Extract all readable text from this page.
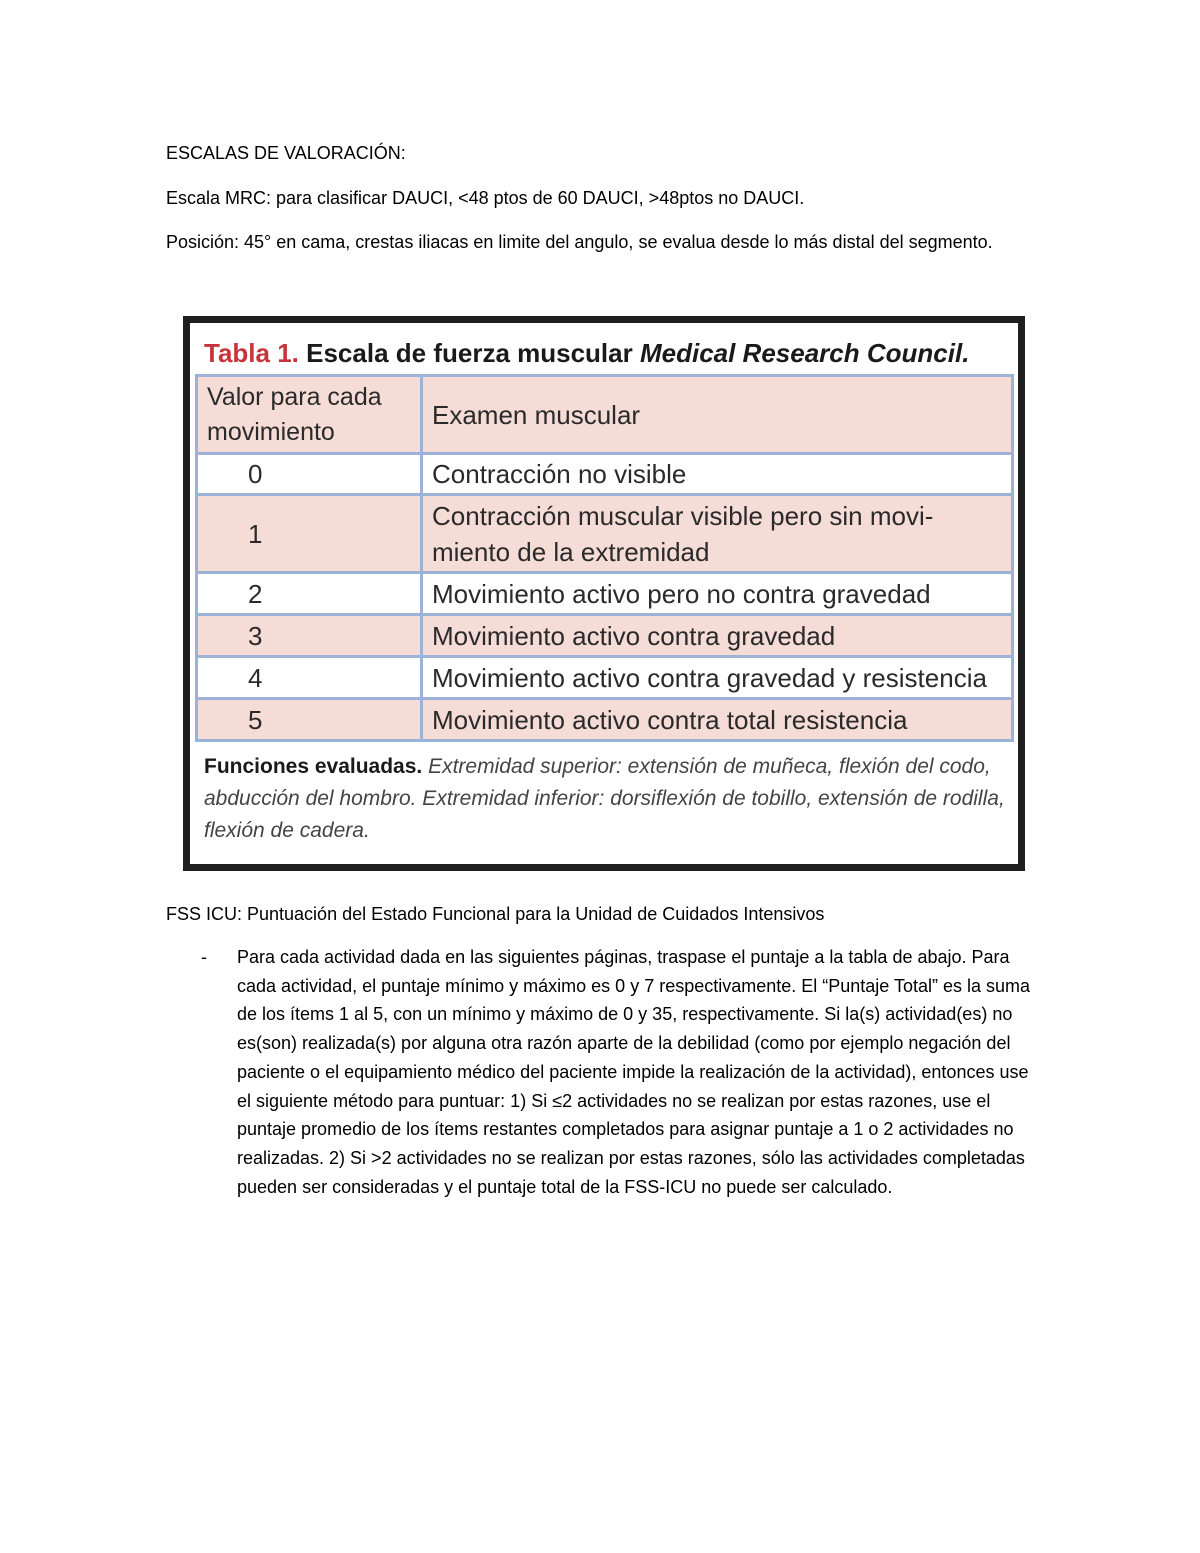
ESCALAS DE VALORACIÓN:

Escala MRC: para clasificar DAUCI, <48 ptos de 60 DAUCI, >48ptos no DAUCI.

Posición: 45° en cama, crestas iliacas en limite del angulo, se evalua desde lo más distal del segmento.

Tabla 1. Escala de fuerza muscular Medical Research Council.
Valor para cada movimiento	Examen muscular
0	Contracción no visible
1	Contracción muscular visible pero sin movi-miento de la extremidad
2	Movimiento activo pero no contra gravedad
3	Movimiento activo contra gravedad
4	Movimiento activo contra gravedad y resistencia
5	Movimiento activo contra total resistencia

Funciones evaluadas. Extremidad superior: extensión de muñeca, flexión del codo, abducción del hombro. Extremidad inferior: dorsiflexión de tobillo, extensión de rodilla, flexión de cadera.

FSS ICU: Puntuación del Estado Funcional para la Unidad de Cuidados Intensivos

- Para cada actividad dada en las siguientes páginas, traspase el puntaje a la tabla de abajo. Para cada actividad, el puntaje mínimo y máximo es 0 y 7 respectivamente. El “Puntaje Total” es la suma de los ítems 1 al 5, con un mínimo y máximo de 0 y 35, respectivamente. Si la(s) actividad(es) no es(son) realizada(s) por alguna otra razón aparte de la debilidad (como por ejemplo negación del paciente o el equipamiento médico del paciente impide la realización de la actividad), entonces use el siguiente método para puntuar: 1) Si ≤2 actividades no se realizan por estas razones, use el puntaje promedio de los ítems restantes completados para asignar puntaje a 1 o 2 actividades no realizadas. 2) Si >2 actividades no se realizan por estas razones, sólo las actividades completadas pueden ser consideradas y el puntaje total de la FSS-ICU no puede ser calculado.
